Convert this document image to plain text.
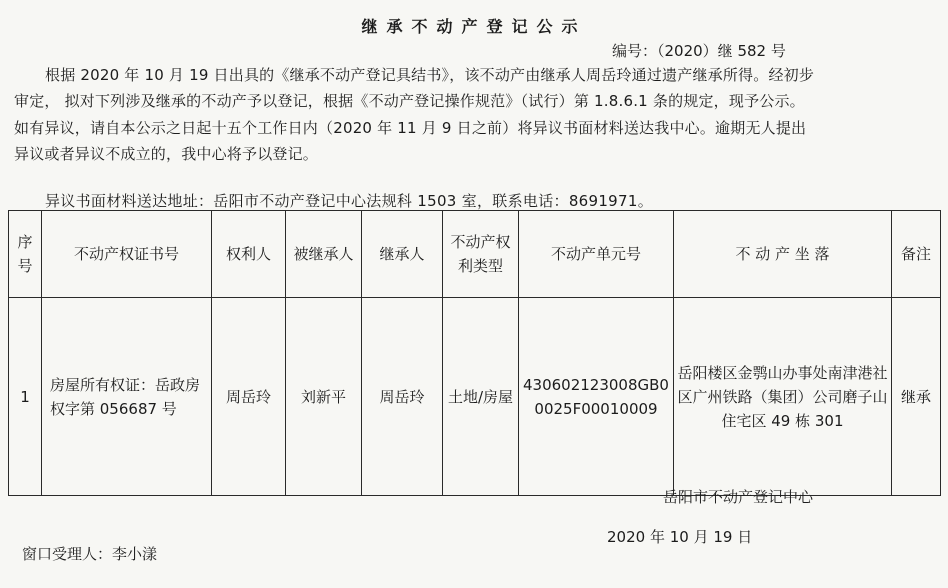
继承不动产登记公示
编号：（2020）继 582 号

根据 2020 年 10 月 19 日出具的《继承不动产登记具结书》，该不动产由继承人周岳玲通过遗产继承所得。经初步

审定， 拟对下列涉及继承的不动产予以登记，根据《不动产登记操作规范》（试行）第 1.8.6.1 条的规定，现予公示。

如有异议，请自本公示之日起十五个工作日内（2020 年 11 月 9 日之前）将异议书面材料送达我中心。逾期无人提出

异议或者异议不成立的，我中心将予以登记。

异议书面材料送达地址：岳阳市不动产登记中心法规科 1503 室，联系电话：8691971。
序号	不动产权证书号	权利人	被继承人	继承人	不动产权利类型	不动产单元号	不 动 产 坐 落	备注
1	房屋所有权证：岳政房权字第 056687 号	周岳玲	刘新平	周岳玲	土地/房屋	430602123008GB00025F00010009	岳阳楼区金鹗山办事处南津港社区广州铁路（集团）公司磨子山住宅区 49 栋 301	继承
岳阳市不动产登记中心
2020 年 10 月 19 日
窗口受理人：李小漾
